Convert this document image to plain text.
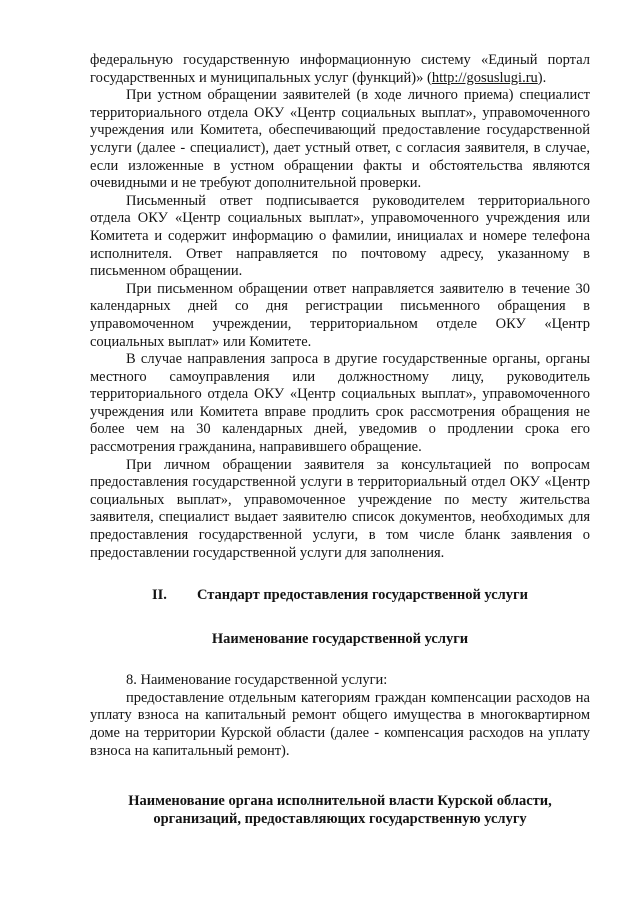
федеральную государственную информационную систему «Единый портал государственных и муниципальных услуг (функций)» (http://gosuslugi.ru).

При устном обращении заявителей (в ходе личного приема) специалист территориального отдела ОКУ «Центр социальных выплат», управомоченного учреждения или Комитета, обеспечивающий предоставление государственной услуги (далее - специалист), дает устный ответ, с согласия заявителя, в случае, если изложенные в устном обращении факты и обстоятельства являются очевидными и не требуют дополнительной проверки.

Письменный ответ подписывается руководителем территориального отдела ОКУ «Центр социальных выплат», управомоченного учреждения или Комитета и содержит информацию о фамилии, инициалах и номере телефона исполнителя. Ответ направляется по почтовому адресу, указанному в письменном обращении.

При письменном обращении ответ направляется заявителю в течение 30 календарных дней со дня регистрации письменного обращения в управомоченном учреждении, территориальном отделе ОКУ «Центр социальных выплат» или Комитете.

В случае направления запроса в другие государственные органы, органы местного самоуправления или должностному лицу, руководитель территориального отдела ОКУ «Центр социальных выплат», управомоченного учреждения или Комитета вправе продлить срок рассмотрения обращения не более чем на 30 календарных дней, уведомив о продлении срока его рассмотрения гражданина, направившего обращение.

При личном обращении заявителя за консультацией по вопросам предоставления государственной услуги в территориальный отдел ОКУ «Центр социальных выплат», управомоченное учреждение по месту жительства заявителя, специалист выдает заявителю список документов, необходимых для предоставления государственной услуги, в том числе бланк заявления о предоставлении государственной услуги для заполнения.

II. Стандарт предоставления государственной услуги
Наименование государственной услуги

8. Наименование государственной услуги:

предоставление отдельным категориям граждан компенсации расходов на уплату взноса на капитальный ремонт общего имущества в многоквартирном доме на территории Курской области (далее - компенсация расходов на уплату взноса на капитальный ремонт).

Наименование органа исполнительной власти Курской области,
организаций, предоставляющих государственную услугу
